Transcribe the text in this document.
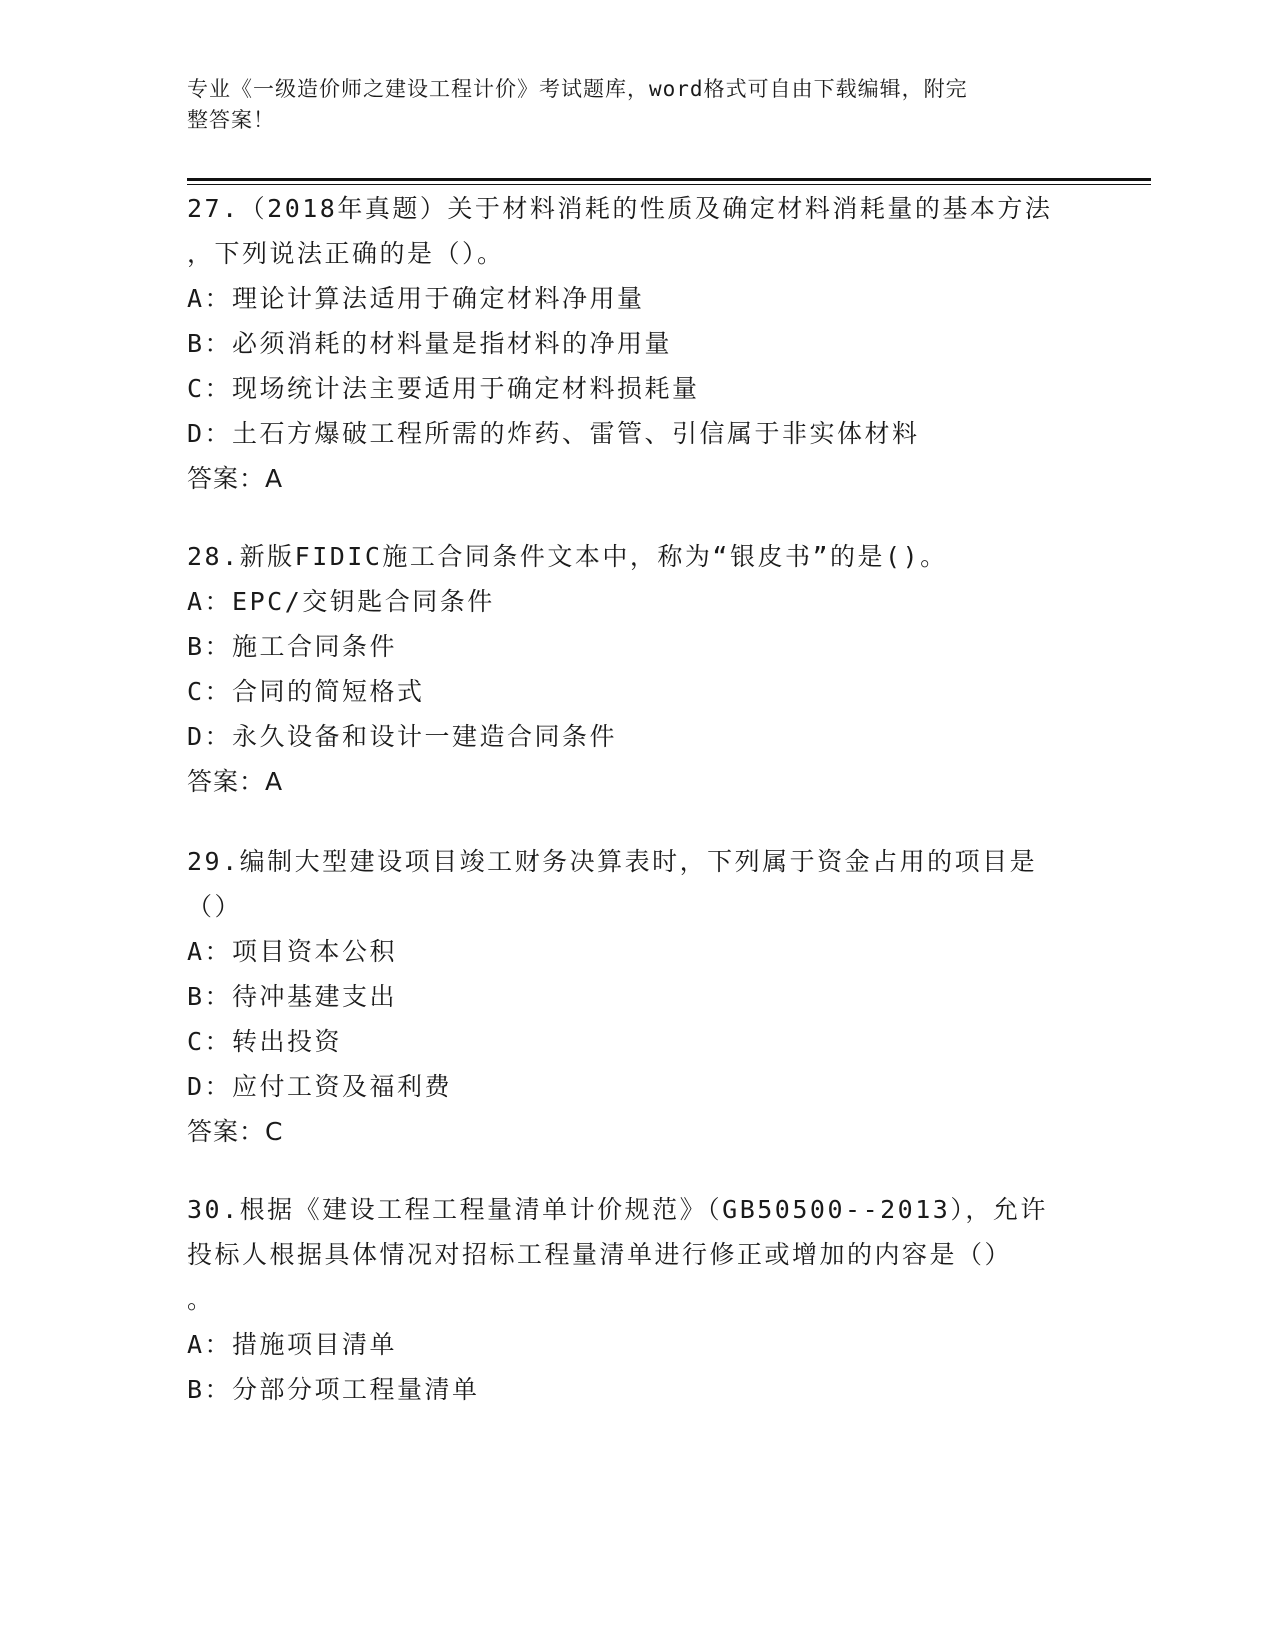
专业《一级造价师之建设工程计价》考试题库，word格式可自由下载编辑，附完
整答案！
27.（2018年真题）关于材料消耗的性质及确定材料消耗量的基本方法
，下列说法正确的是（）。
A：理论计算法适用于确定材料净用量
B：必须消耗的材料量是指材料的净用量
C：现场统计法主要适用于确定材料损耗量
D：土石方爆破工程所需的炸药、雷管、引信属于非实体材料
答案：A
28.新版FIDIC施工合同条件文本中，称为“银皮书”的是()。
A：EPC/交钥匙合同条件
B：施工合同条件
C：合同的简短格式
D：永久设备和设计一建造合同条件
答案：A
29.编制大型建设项目竣工财务决算表时，下列属于资金占用的项目是
（）
A：项目资本公积
B：待冲基建支出
C：转出投资
D：应付工资及福利费
答案：C
30.根据《建设工程工程量清单计价规范》（GB50500--2013），允许
投标人根据具体情况对招标工程量清单进行修正或增加的内容是（）
。
A：措施项目清单
B：分部分项工程量清单
